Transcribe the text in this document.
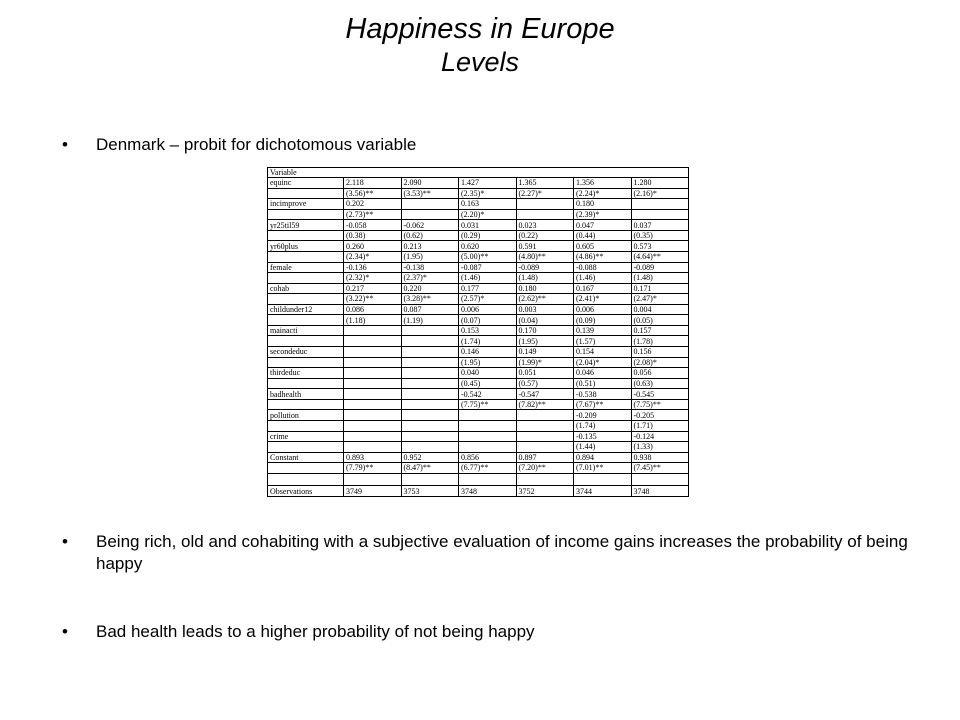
Happiness in Europe
Levels
• Denmark – probit for dichotomous variable
Variable						
equinc	2.118	2.090	1.427	1.365	1.356	1.280
	(3.56)**	(3.53)**	(2.35)*	(2.27)*	(2.24)*	(2.16)*
incimprove	0.202		0.163		0.180	
	(2.73)**		(2.20)*		(2.39)*	
yr25til59	-0.058	-0.062	0.031	0.023	0.047	0.037
	(0.38)	(0.62)	(0.29)	(0.22)	(0.44)	(0.35)
yr60plus	0.260	0.213	0.620	0.591	0.605	0.573
	(2.34)*	(1.95)	(5.00)**	(4.80)**	(4.86)**	(4.64)**
female	-0.136	-0.138	-0.087	-0.089	-0.088	-0.089
	(2.32)*	(2.37)*	(1.46)	(1.48)	(1.46)	(1.48)
cohab	0.217	0.220	0.177	0.180	0.167	0.171
	(3.22)**	(3.28)**	(2.57)*	(2.62)**	(2.41)*	(2.47)*
childunder12	0.086	0.087	0.006	0.003	0.006	0.004
	(1.18)	(1.19)	(0.07)	(0.04)	(0.09)	(0.05)
mainacti			0.153	0.170	0.139	0.157
			(1.74)	(1.95)	(1.57)	(1.78)
secondeduc			0.146	0.149	0.154	0.156
			(1.95)	(1.99)*	(2.04)*	(2.08)*
thirdeduc			0.040	0.051	0.046	0.056
			(0.45)	(0.57)	(0.51)	(0.63)
badhealth			-0.542	-0.547	-0.538	-0.545
			(7.75)**	(7.82)**	(7.67)**	(7.75)**
pollution					-0.209	-0.205
					(1.74)	(1.71)
crime					-0.135	-0.124
					(1.44)	(1.33)
Constant	0.893	0.952	0.856	0.897	0.894	0.938
	(7.79)**	(8.47)**	(6.77)**	(7.20)**	(7.01)**	(7.45)**

Observations	3749	3753	3748	3752	3744	3748
• Being rich, old and cohabiting with a subjective evaluation of income gains increases the probability of being happy
• Bad health leads to a higher probability of not being happy
